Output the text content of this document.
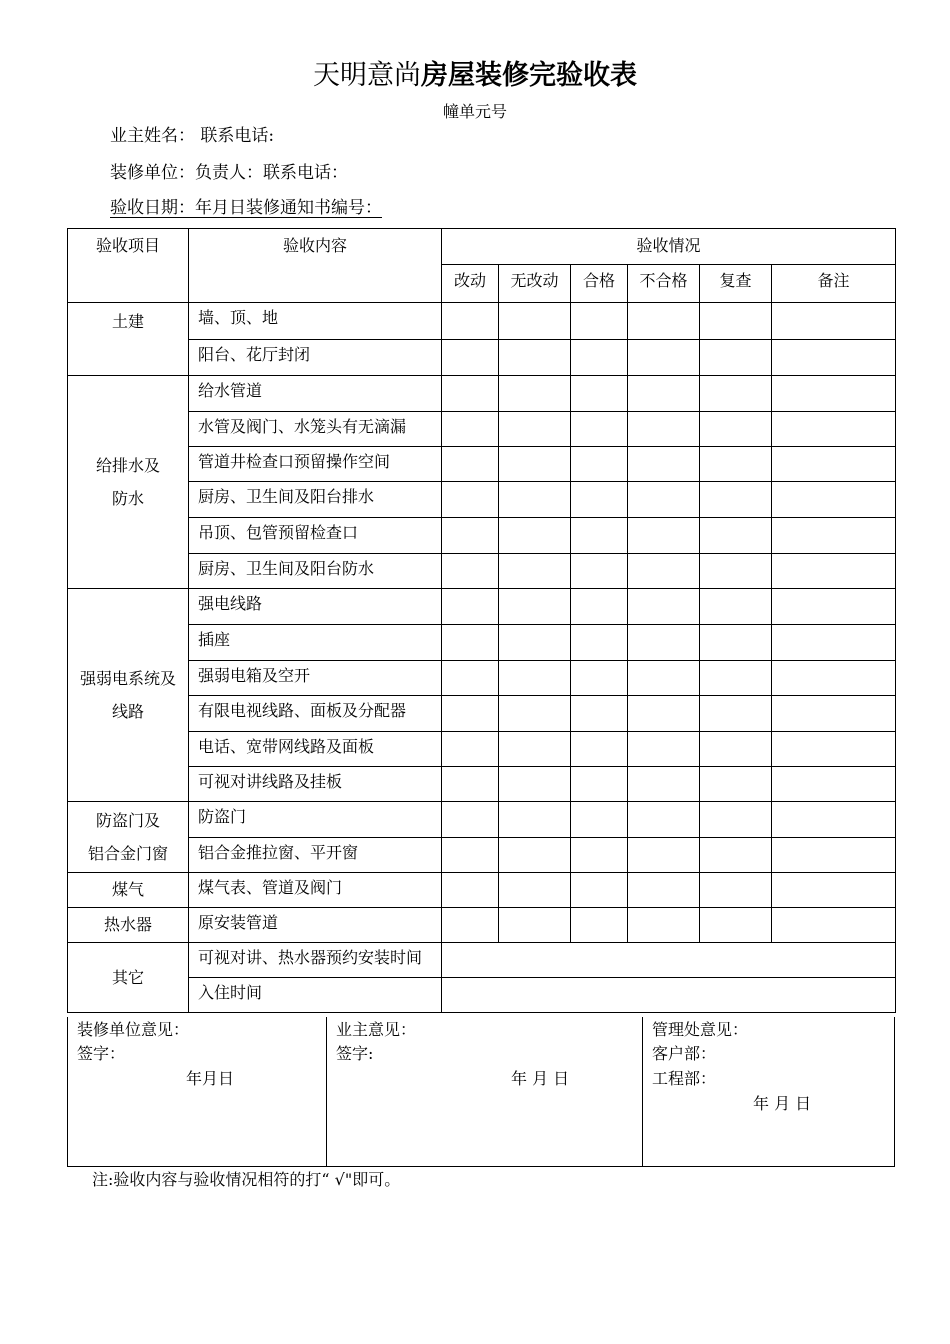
天明意尚房屋装修完验收表
幢单元号
业主姓名： 联系电话:
装修单位：负责人：联系电话：
验收日期：年月日装修通知书编号：
验收项目	验收内容	验收情况					
		改动	无改动	合格	不合格	复查	备注

土建	墙、顶、地						
	阳台、花厅封闭						

给排水及
防水	给水管道						
	水管及阀门、水笼头有无滴漏						
	管道井检查口预留操作空间						
	厨房、卫生间及阳台排水						
	吊顶、包管预留检查口						
	厨房、卫生间及阳台防水						

强弱电系统及
线路	强电线路						
	插座						
	强弱电箱及空开						
	有限电视线路、面板及分配器						
	电话、宽带网线路及面板						
	可视对讲线路及挂板						

防盗门及
铝合金门窗	防盗门						
	铝合金推拉窗、平开窗						

煤气	煤气表、管道及阀门						

热水器	原安装管道						
其它	可视对讲、热水器预约安装时间						
	入住时间						
装修单位意见：
签字：
年月日
业主意见：
签字:
年 月 日
管理处意见：
客户部：
工程部：
年 月 日
注:验收内容与验收情况相符的打“ √"即可。
